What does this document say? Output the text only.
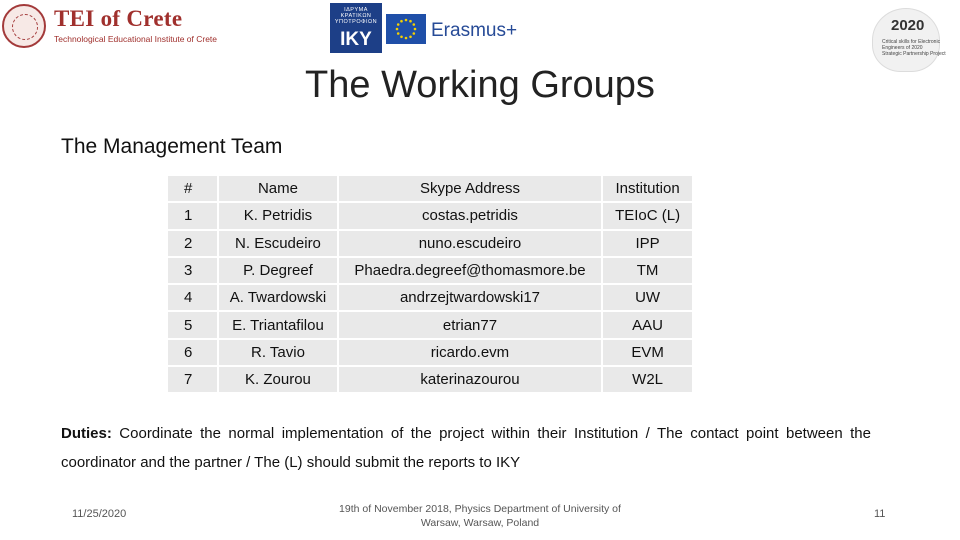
TEI of Crete
Technological Educational Institute of Crete
ΙΔΡΥΜΑ ΚΡΑΤΙΚΩΝ ΥΠΟΤΡΟΦΙΩΝ
IKY	Erasmus+	2020
Critical skills for Electronic
Engineers of 2020
Strategic Partnership Project
The Working Groups
The Management Team
#	Name	Skype Address	Institution
1	K. Petridis	costas.petridis	TEIoC (L)
2	N. Escudeiro	nuno.escudeiro	IPP
3	P. Degreef	Phaedra.degreef@thomasmore.be	TM
4	A. Twardowski	andrzejtwardowski17	UW
5	E. Triantafilou	etrian77	AAU
6	R. Tavio	ricardo.evm	EVM
7	K. Zourou	katerinazourou	W2L
Duties: Coordinate the normal implementation of the project within their Institution / The contact point between the coordinator and the partner / The (L) should submit the reports to IKY
11/25/2020	19th of November 2018, Physics Department of University of
Warsaw, Warsaw, Poland
11
